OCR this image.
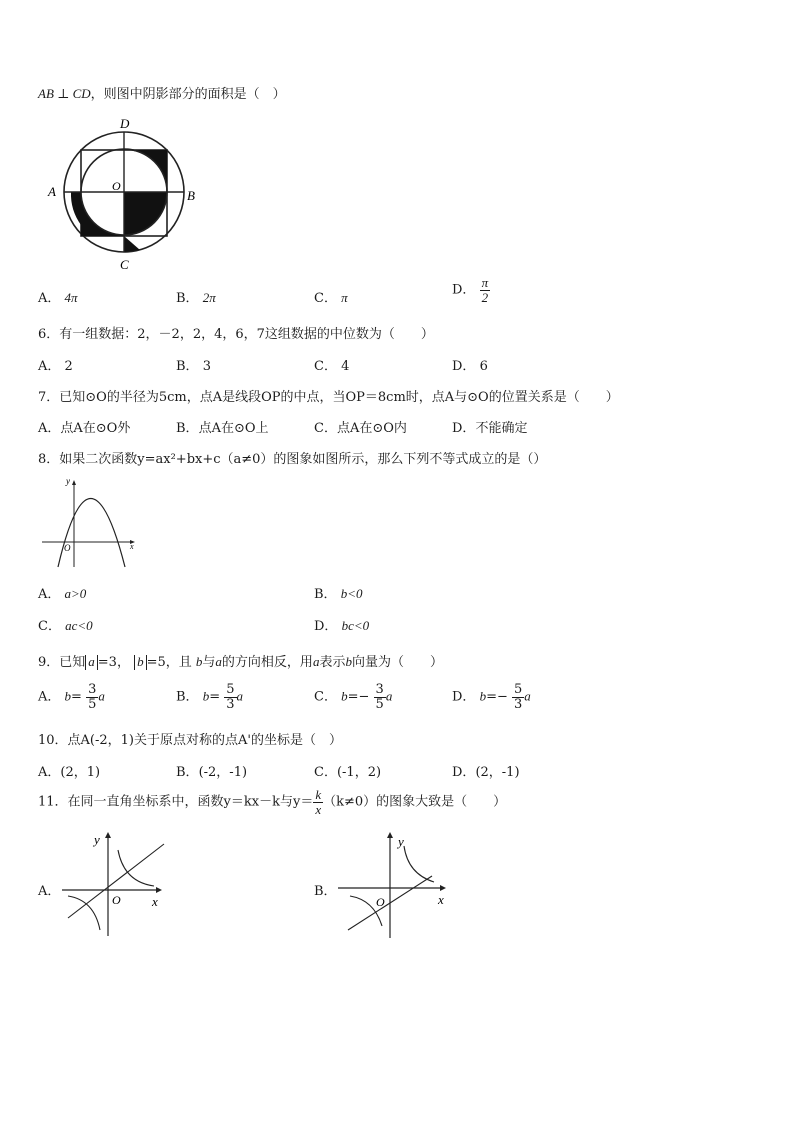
AB ⊥ CD，则图中阴影部分的面积是（　）
D
A	B
C
O
A． 4π	B． 2π	C． π	D． $\frac{\pi}{2}$
6．有一组数据：2，－2，2，4，6，7这组数据的中位数为（　　）
A． 2	B． 3	C． 4	D． 6
7．已知⊙O的半径为5cm，点A是线段OP的中点，当OP＝8cm时，点A与⊙O的位置关系是（　　）
A．点A在⊙O外	B．点A在⊙O上	C．点A在⊙O内	D．不能确定
8．如果二次函数y=ax²+bx+c（a≠0）的图象如图所示，那么下列不等式成立的是（）
y
x
O
A． a>0	B． b<0
C． ac<0	D． bc<0
9．已知 a =3， b =5，且 b与a的方向相反，用a表示b向量为（　　）
A． $b= \frac{3}{5}$ a	B． $b= \frac{5}{3}$ a	C． $b=- \frac{3}{5}$ a	D． $b=- \frac{5}{3}$ a
10．点A(-2，1)关于原点对称的点A'的坐标是（　）
A．(2，1)	B．(-2，-1)	C．(-1，2)	D．(2，-1)
11．在同一直角坐标系中，函数y＝kx－k与$y= \frac{k}{x} (k\ne 0)$的图象大致是（　　）
A．
y
x
O
B．
y
x
O
